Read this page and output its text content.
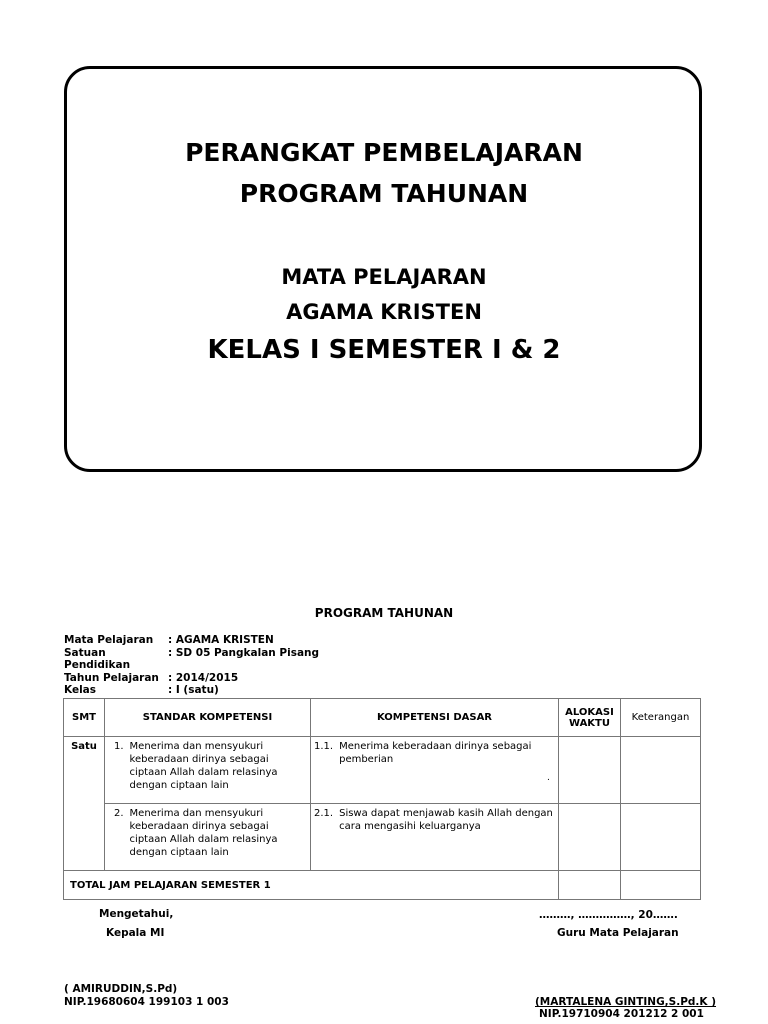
PERANGKAT PEMBELAJARAN
PROGRAM TAHUNAN
MATA PELAJARAN
AGAMA KRISTEN
KELAS I SEMESTER I & 2
PROGRAM TAHUNAN
Mata Pelajaran	: AGAMA KRISTEN
Satuan Pendidikan
: SD 05 Pangkalan Pisang
Tahun Pelajaran : 2014/2015
Kelas	: I (satu)
SMT	STANDAR KOMPETENSI	KOMPETENSI DASAR	ALOKASI WAKTU	Keterangan
Satu	1. Menerima dan mensyukuri keberadaan dirinya sebagai ciptaan Allah dalam relasinya dengan ciptaan lain	1.1. Menerima keberadaan dirinya sebagai pemberian		

	2. Menerima dan mensyukuri keberadaan dirinya sebagai ciptaan Allah dalam relasinya dengan ciptaan lain	2.1. Siswa dapat menjawab kasih Allah dengan cara mengasihi keluarganya		

TOTAL JAM PELAJARAN SEMESTER 1				
.
Mengetahui,
Kepala MI
( AMIRUDDIN,S.Pd)
NIP.19680604 199103 1 003
………, ……………, 20…….
Guru Mata Pelajaran
(MARTALENA GINTING,S.Pd.K )
NIP.19710904 201212 2 001
